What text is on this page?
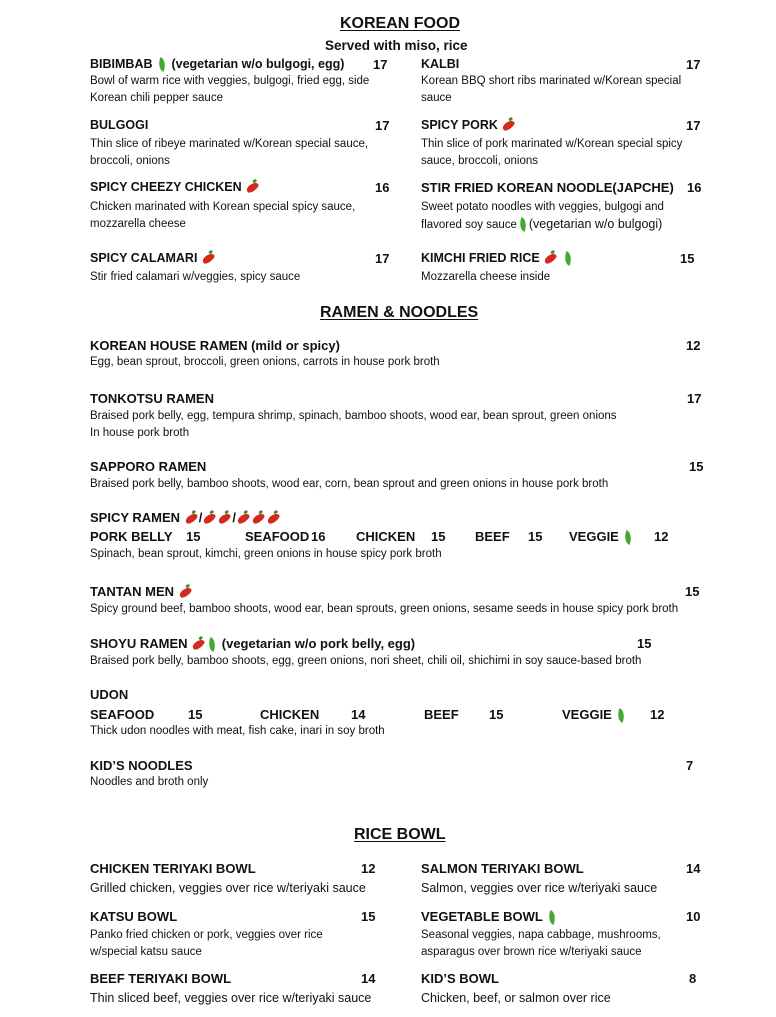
KOREAN FOOD
Served with miso, rice
BIBIMBAB (vegetarian w/o bulgogi, egg) 17
Bowl of warm rice with veggies, bulgogi, fried egg, side Korean chili pepper sauce
KALBI	17
Korean BBQ short ribs marinated w/Korean special sauce
BULGOGI	17
Thin slice of ribeye marinated w/Korean special sauce, broccoli, onions
SPICY PORK	17
Thin slice of pork marinated w/Korean special spicy sauce, broccoli, onions
SPICY CHEEZY CHICKEN	16
Chicken marinated with Korean special spicy sauce, mozzarella cheese
STIR FRIED KOREAN NOODLE(JAPCHE) 16
Sweet potato noodles with veggies, bulgogi and
flavored soy sauce (vegetarian w/o bulgogi)
SPICY CALAMARI	17
Stir fried calamari w/veggies, spicy sauce
KIMCHI FRIED RICE	15
Mozzarella cheese inside
RAMEN & NOODLES
KOREAN HOUSE RAMEN (mild or spicy)	12
Egg, bean sprout, broccoli, green onions, carrots in house pork broth
TONKOTSU RAMEN	17
Braised pork belly, egg, tempura shrimp, spinach, bamboo shoots, wood ear, bean sprout, green onions
In house pork broth
SAPPORO RAMEN	15
Braised pork belly, bamboo shoots, wood ear, corn, bean sprout and green onions in house pork broth
SPICY RAMEN / /
PORK BELLY 15	SEAFOOD 16 CHICKEN 15 BEEF 15 VEGGIE	12
Spinach, bean sprout, kimchi, green onions in house spicy pork broth
TANTAN MEN	15
Spicy ground beef, bamboo shoots, wood ear, bean sprouts, green onions, sesame seeds in house spicy pork broth
SHOYU RAMEN	(vegetarian w/o pork belly, egg)	15
Braised pork belly, bamboo shoots, egg, green onions, nori sheet, chili oil, shichimi in soy sauce-based broth
UDON
SEAFOOD	15	CHICKEN 14	BEEF 15	VEGGIE	12
Thick udon noodles with meat, fish cake, inari in soy broth
KID’S NOODLES	7
Noodles and broth only
RICE BOWL
CHICKEN TERIYAKI BOWL	12
Grilled chicken, veggies over rice w/teriyaki sauce
SALMON TERIYAKI BOWL	14
Salmon, veggies over rice w/teriyaki sauce
KATSU BOWL	15
Panko fried chicken or pork, veggies over rice w/special katsu sauce
VEGETABLE BOWL	10
Seasonal veggies, napa cabbage, mushrooms, asparagus over brown rice w/teriyaki sauce
BEEF TERIYAKI BOWL	14
Thin sliced beef, veggies over rice w/teriyaki sauce
KID’S BOWL	8
Chicken, beef, or salmon over rice
